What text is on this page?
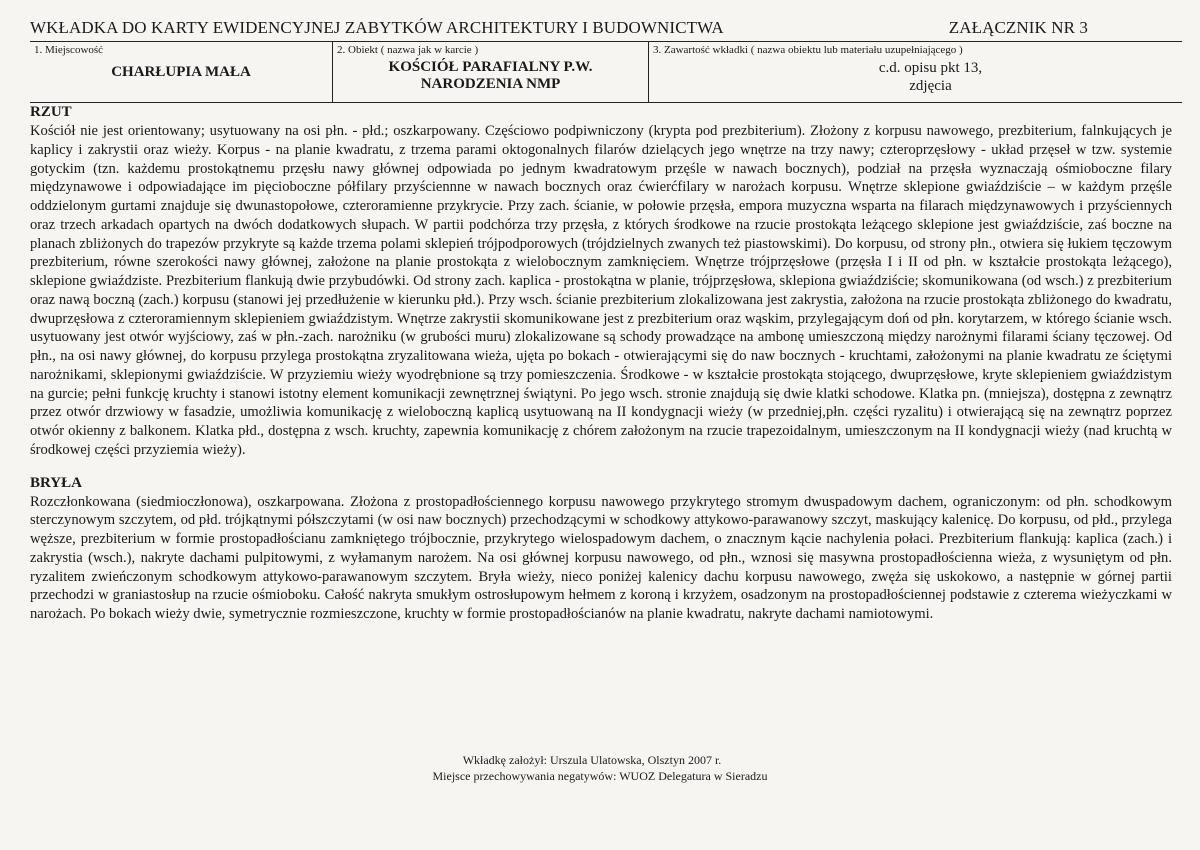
WKŁADKA DO KARTY EWIDENCYJNEJ ZABYTKÓW ARCHITEKTURY I BUDOWNICTWA	ZAŁĄCZNIK NR 3
1. Miejscowość
CHARŁUPIA MAŁA
2. Obiekt ( nazwa jak w karcie )
KOŚCIÓŁ PARAFIALNY P.W.
NARODZENIA NMP
3. Zawartość wkładki ( nazwa obiektu lub materiału uzupełniającego )
c.d. opisu pkt 13,
zdjęcia

RZUT

Kościół nie jest orientowany; usytuowany na osi płn. - płd.; oszkarpowany. Częściowo podpiwniczony (krypta pod prezbiterium). Złożony z korpusu nawowego, prezbiterium, falnkujących je kaplicy i zakrystii oraz wieży. Korpus - na planie kwadratu, z trzema parami oktogonalnych filarów dzielących jego wnętrze na trzy nawy; czteroprzęsłowy - układ przęseł w tzw. systemie gotyckim (tzn. każdemu prostokątnemu przęsłu nawy głównej odpowiada po jednym kwadratowym przęśle w nawach bocznych), podział na przęsła wyznaczają ośmioboczne filary międzynawowe i odpowiadające im pięcioboczne półfilary przyściennne w nawach bocznych oraz ćwierćfilary w narożach korpusu. Wnętrze sklepione gwiaździście – w każdym przęśle oddzielonym gurtami znajduje się dwunastopołowe, czteroramienne przykrycie. Przy zach. ścianie, w połowie przęsła, empora muzyczna wsparta na filarach międzynawowych i przyściennych oraz trzech arkadach opartych na dwóch dodatkowych słupach. W partii podchórza trzy przęsła, z których środkowe na rzucie prostokąta leżącego sklepione jest gwiaździście, zaś boczne na planach zbliżonych do trapezów przykryte są każde trzema polami sklepień trójpodporowych (trójdzielnych zwanych też piastowskimi). Do korpusu, od strony płn., otwiera się łukiem tęczowym prezbiterium, równe szerokości nawy głównej, założone na planie prostokąta z wielobocznym zamknięciem. Wnętrze trójprzęsłowe (przęsła I i II od płn. w kształcie prostokąta leżącego), sklepione gwiaździste. Prezbiterium flankują dwie przybudówki. Od strony zach. kaplica - prostokątna w planie, trójprzęsłowa, sklepiona gwiaździście; skomunikowana (od wsch.) z prezbiterium oraz nawą boczną (zach.) korpusu (stanowi jej przedłużenie w kierunku płd.). Przy wsch. ścianie prezbiterium zlokalizowana jest zakrystia, założona na rzucie prostokąta zbliżonego do kwadratu, dwuprzęsłowa z czteroramiennym sklepieniem gwiaździstym. Wnętrze zakrystii skomunikowane jest z prezbiterium oraz wąskim, przylegającym doń od płn. korytarzem, w którego ścianie wsch. usytuowany jest otwór wyjściowy, zaś w płn.-zach. narożniku (w grubości muru) zlokalizowane są schody prowadzące na ambonę umieszczoną między narożnymi filarami ściany tęczowej. Od płn., na osi nawy głównej, do korpusu przylega prostokątna zryzalitowana wieża, ujęta po bokach - otwierającymi się do naw bocznych - kruchtami, założonymi na planie kwadratu ze ściętymi narożnikami, sklepionymi gwiaździście. W przyziemiu wieży wyodrębnione są trzy pomieszczenia. Środkowe - w kształcie prostokąta stojącego, dwuprzęsłowe, kryte sklepieniem gwiaździstym na gurcie; pełni funkcję kruchty i stanowi istotny element komunikacji zewnętrznej świątyni. Po jego wsch. stronie znajdują się dwie klatki schodowe. Klatka pn. (mniejsza), dostępna z zewnątrz przez otwór drzwiowy w fasadzie, umożliwia komunikację z wieloboczną kaplicą usytuowaną na II kondygnacji wieży (w przedniej,płn. części ryzalitu) i otwierającą się na zewnątrz poprzez otwór okienny z balkonem. Klatka płd., dostępna z wsch. kruchty, zapewnia komunikację z chórem założonym na rzucie trapezoidalnym, umieszczonym na II kondygnacji wieży (nad kruchtą w środkowej części przyziemia wieży).

BRYŁA

Rozczłonkowana (siedmioczłonowa), oszkarpowana. Złożona z prostopadłościennego korpusu nawowego przykrytego stromym dwuspadowym dachem, ograniczonym: od płn. schodkowym sterczynowym szczytem, od płd. trójkątnymi półszczytami (w osi naw bocznych) przechodzącymi w schodkowy attykowo-parawanowy szczyt, maskujący kalenicę. Do korpusu, od płd., przylega węższe, prezbiterium w formie prostopadłościanu zamkniętego trójbocznie, przykrytego wielospadowym dachem, o znacznym kącie nachylenia połaci. Prezbiterium flankują: kaplica (zach.) i zakrystia (wsch.), nakryte dachami pulpitowymi, z wyłamanym narożem. Na osi głównej korpusu nawowego, od płn., wznosi się masywna prostopadłościenna wieża, z wysuniętym od płn. ryzalitem zwieńczonym schodkowym attykowo-parawanowym szczytem. Bryła wieży, nieco poniżej kalenicy dachu korpusu nawowego, zwęża się uskokowo, a następnie w górnej partii przechodzi w graniastosłup na rzucie ośmioboku. Całość nakryta smukłym ostrosłupowym hełmem z koroną i krzyżem, osadzonym na prostopadłościennej podstawie z czterema wieżyczkami w narożach. Po bokach wieży dwie, symetrycznie rozmieszczone, kruchty w formie prostopadłościanów na planie kwadratu, nakryte dachami namiotowymi.

Wkładkę założył: Urszula Ulatowska, Olsztyn 2007 r.
Miejsce przechowywania negatywów: WUOZ Delegatura w Sieradzu
